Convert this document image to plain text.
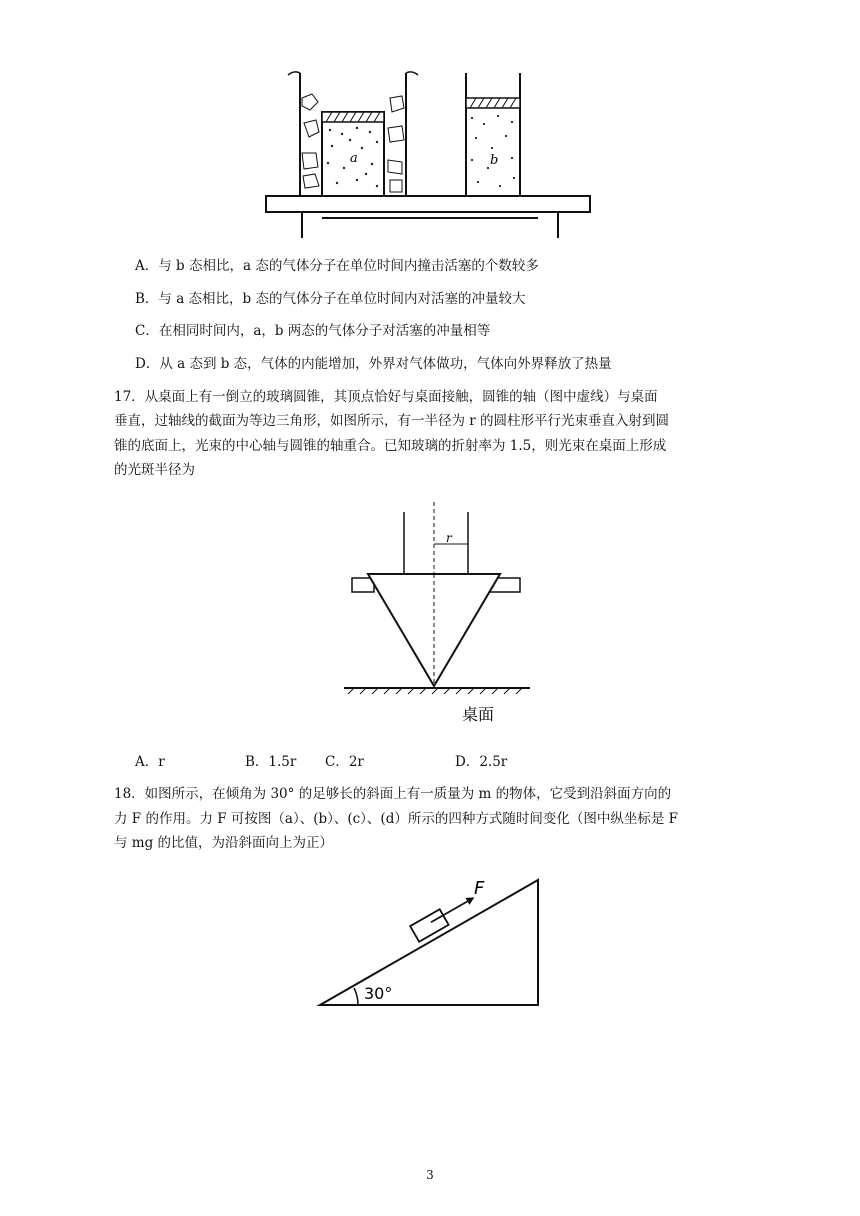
a	b
A．与 b 态相比，a 态的气体分子在单位时间内撞击活塞的个数较多
B．与 a 态相比，b 态的气体分子在单位时间内对活塞的冲量较大
C．在相同时间内，a，b 两态的气体分子对活塞的冲量相等
D．从 a 态到 b 态，气体的内能增加，外界对气体做功，气体向外界释放了热量
17．从桌面上有一倒立的玻璃圆锥，其顶点恰好与桌面接触，圆锥的轴（图中虚线）与桌面
垂直，过轴线的截面为等边三角形，如图所示，有一半径为 r 的圆柱形平行光束垂直入射到圆
锥的底面上，光束的中心轴与圆锥的轴重合。已知玻璃的折射率为 1.5，则光束在桌面上形成
的光斑半径为
r
桌面
A．r	B．1.5r C．2r	D．2.5r
18．如图所示，在倾角为 30° 的足够长的斜面上有一质量为 m 的物体，它受到沿斜面方向的
力 F 的作用。力 F 可按图（a）、(b）、(c）、(d）所示的四种方式随时间变化（图中纵坐标是 F
与 mg 的比值，为沿斜面向上为正）
F
30°
3
